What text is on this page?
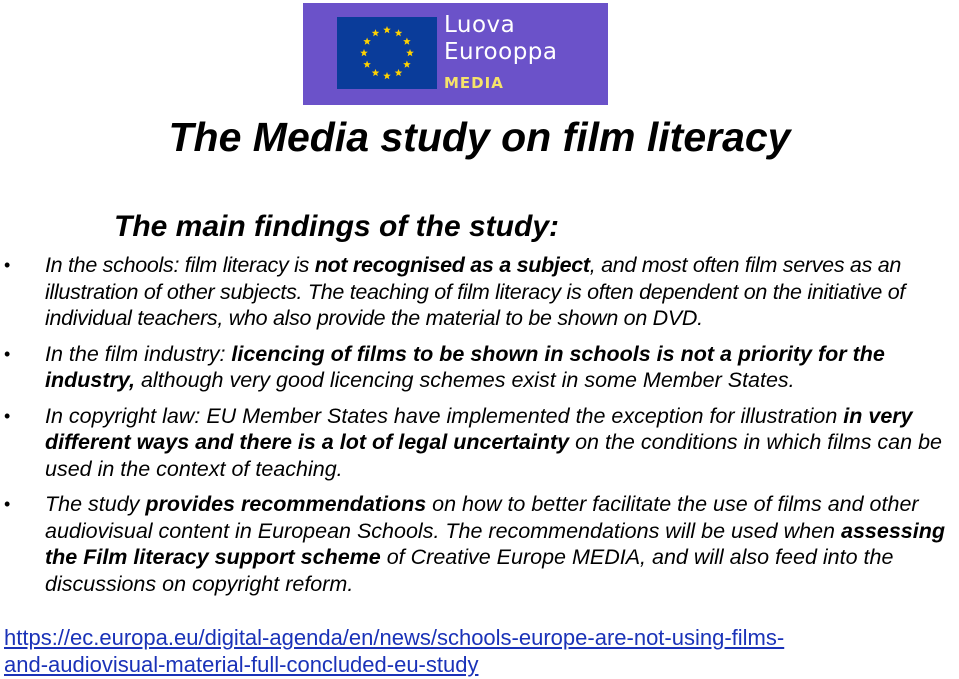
Luova
Eurooppa
MEDIA
The Media study on film literacy
The main findings of the study:
• In the schools: film literacy is not recognised as a subject, and most often film serves as an illustration of other subjects. The teaching of film literacy is often dependent on the initiative of individual teachers, who also provide the material to be shown on DVD.
• In the film industry: licencing of films to be shown in schools is not a priority for the industry, although very good licencing schemes exist in some Member States.
• In copyright law: EU Member States have implemented the exception for illustration in very different ways and there is a lot of legal uncertainty on the conditions in which films can be used in the context of teaching.
• The study provides recommendations on how to better facilitate the use of films and other audiovisual content in European Schools. The recommendations will be used when assessing the Film literacy support scheme of Creative Europe MEDIA, and will also feed into the discussions on copyright reform.
https://ec.europa.eu/digital-agenda/en/news/schools-europe-are-not-using-films-
and-audiovisual-material-full-concluded-eu-study
